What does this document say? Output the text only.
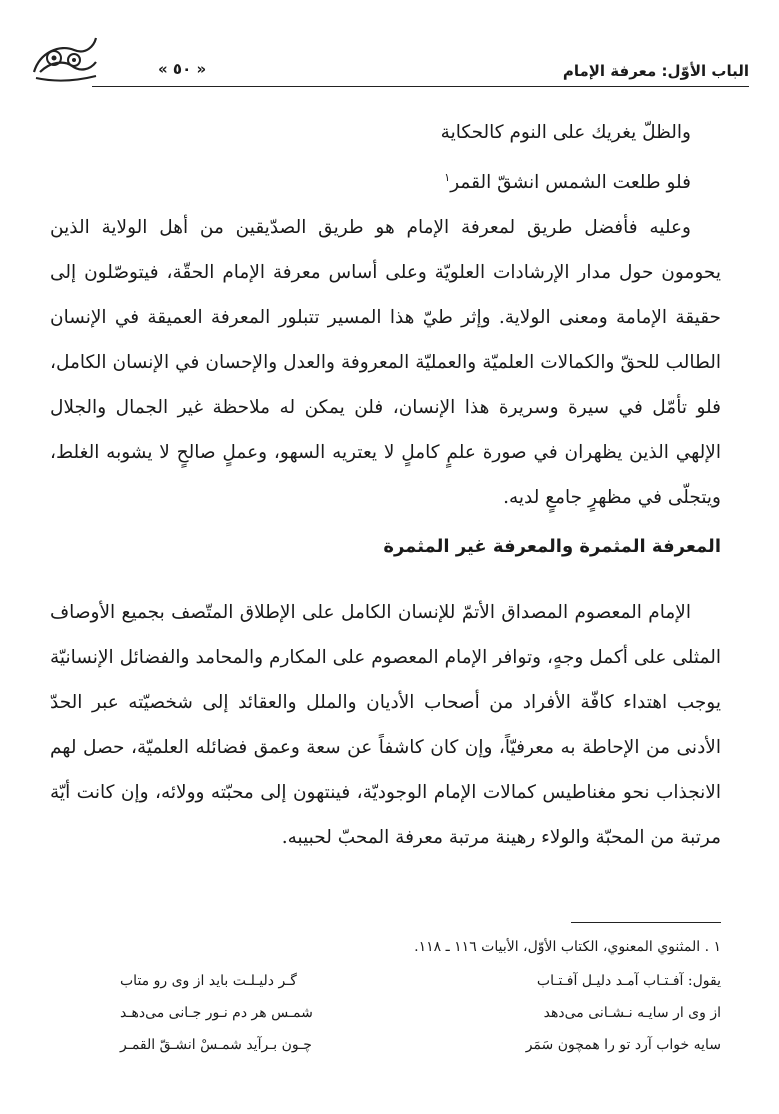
الباب الأوّل: معرفة الإمام
« ٥٠ »
والظلّ يغريك على النوم كالحكاية
فلو طلعت الشمس انشقّ القمر$^١$
وعليه فأفضل طريق لمعرفة الإمام هو طريق الصدّيقين من أهل الولاية الذين يحومون حول مدار الإرشادات العلويّة وعلى أساس معرفة الإمام الحقّة، فيتوصّلون إلى حقيقة الإمامة ومعنى الولاية. وإثر طيّ هذا المسير تتبلور المعرفة العميقة في الإنسان الطالب للحقّ والكمالات العلميّة والعمليّة المعروفة والعدل والإحسان في الإنسان الكامل، فلو تأمّل في سيرة وسريرة هذا الإنسان، فلن يمكن له ملاحظة غير الجمال والجلال الإلهي الذين يظهران في صورة علمٍ كاملٍ لا يعتريه السهو، وعملٍ صالحٍ لا يشوبه الغلط، ويتجلّى في مظهرٍ جامعٍ لديه.
المعرفة المثمرة والمعرفة غير المثمرة
الإمام المعصوم المصداق الأتمّ للإنسان الكامل على الإطلاق المتّصف بجميع الأوصاف المثلى على أكمل وجهٍ، وتوافر الإمام المعصوم على المكارم والمحامد والفضائل الإنسانيّة يوجب اهتداء كافّة الأفراد من أصحاب الأديان والملل والعقائد إلى شخصيّته عبر الحدّ الأدنى من الإحاطة به معرفيّاً، وإن كان كاشفاً عن سعة وعمق فضائله العلميّة، حصل لهم الانجذاب نحو مغناطيس كمالات الإمام الوجوديّة، فينتهون إلى محبّته وولائه، وإن كانت أيّة مرتبة من المحبّة والولاء رهينة مرتبة معرفة المحبّ لحبيبه.
١ . المثنوي المعنوي، الكتاب الأوّل، الأبيات ١١٦ ـ ١١٨.
يقول: آفـتـاب آمـد دليـل آفـتـاب
گـر دليـلـت بايد از وى رو متاب
از وى ار سايـه نـشـانى مى‌دهد
شمـس هر دم نـور جـانى مى‌دهـد
سايه خواب آرد تو را همچون سَمَر
چـون بـرآيد شمـسْ انشـقّ القمـر
